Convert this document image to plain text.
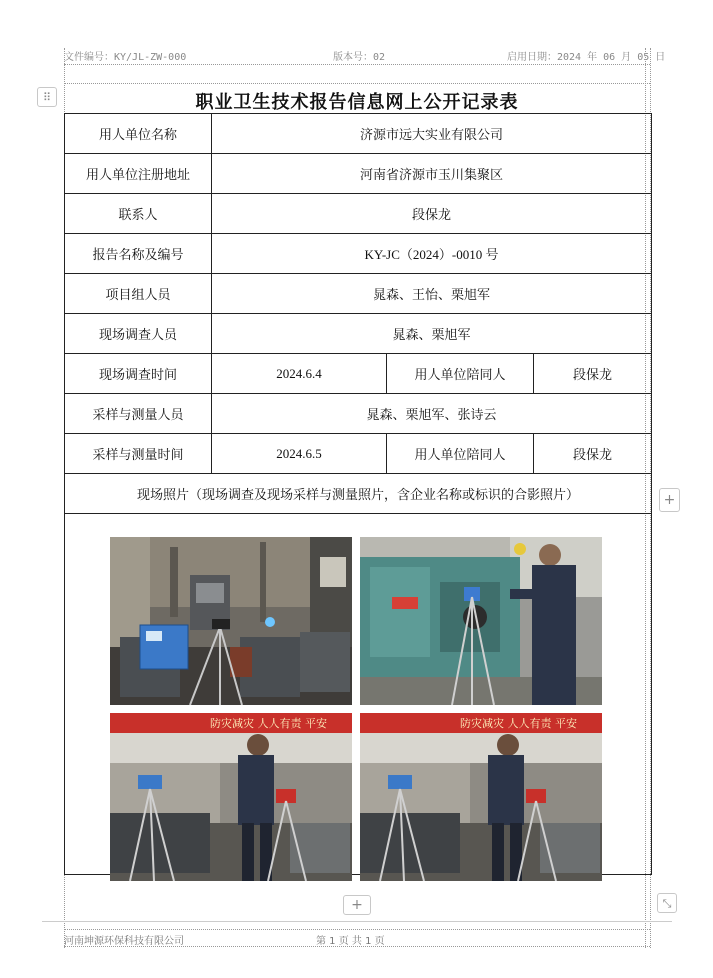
文件编号：KY/JL-ZW-000	版本号：02	启用日期：2024 年 06 月 05 日
⠿	职业卫生技术报告信息网上公开记录表
用人单位名称	济源市远大实业有限公司		
用人单位注册地址	河南省济源市玉川集聚区		
联系人	段保龙		
报告名称及编号	KY-JC（2024）-0010 号		
项目组人员	晁森、王怡、栗旭军		
现场调查人员	晁森、栗旭军		
现场调查时间	2024.6.4	用人单位陪同人	段保龙
采样与测量人员	晁森、栗旭军、张诗云		
采样与测量时间	2024.6.5	用人单位陪同人	段保龙
现场照片（现场调查及现场采样与测量照片，含企业名称或标识的合影照片）			

防灾减灾 人人有责 平安	防灾减灾 人人有责 平安
+
+	⤡
河南坤源环保科技有限公司	第 1 页 共 1 页
